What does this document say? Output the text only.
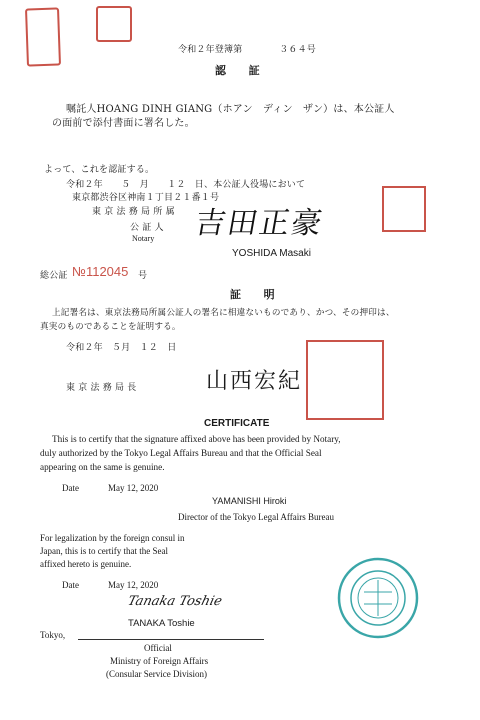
令和２年登簿第　　　　３６４号
認　　証
嘱託人HOANG DINH GIANG（ホアン　ディン　ザン）は、本公証人
の面前で添付書面に署名した。
よって、これを認証する。
令和２年　　５　月　　１２　日、本公証人役場において
東京都渋谷区神南１丁目２１番１号
東 京 法 務 局 所 属
公 証 人
Notary 吉田正豪
YOSHIDA Masaki
総公証 №112045 号
証　　明
上記署名は、東京法務局所属公証人の署名に相違ないものであり、かつ、その押印は、
真実のものであることを証明する。
令和２年　５月　１２　日
東 京 法 務 局 長	山西宏紀
CERTIFICATE
This is to certify that the signature affixed above has been provided by Notary,
duly authorized by the Tokyo Legal Affairs Bureau and that the Official Seal
appearing on the same is genuine.
Date	May 12, 2020
YAMANISHI Hiroki
Director of the Tokyo Legal Affairs Bureau
For legalization by the foreign consul in
Japan, this is to certify that the Seal
affixed hereto is genuine.
Date	May 12, 2020
Tanaka Toshie
TANAKA Toshie
Tokyo,
Official
Ministry of Foreign Affairs
(Consular Service Division)
